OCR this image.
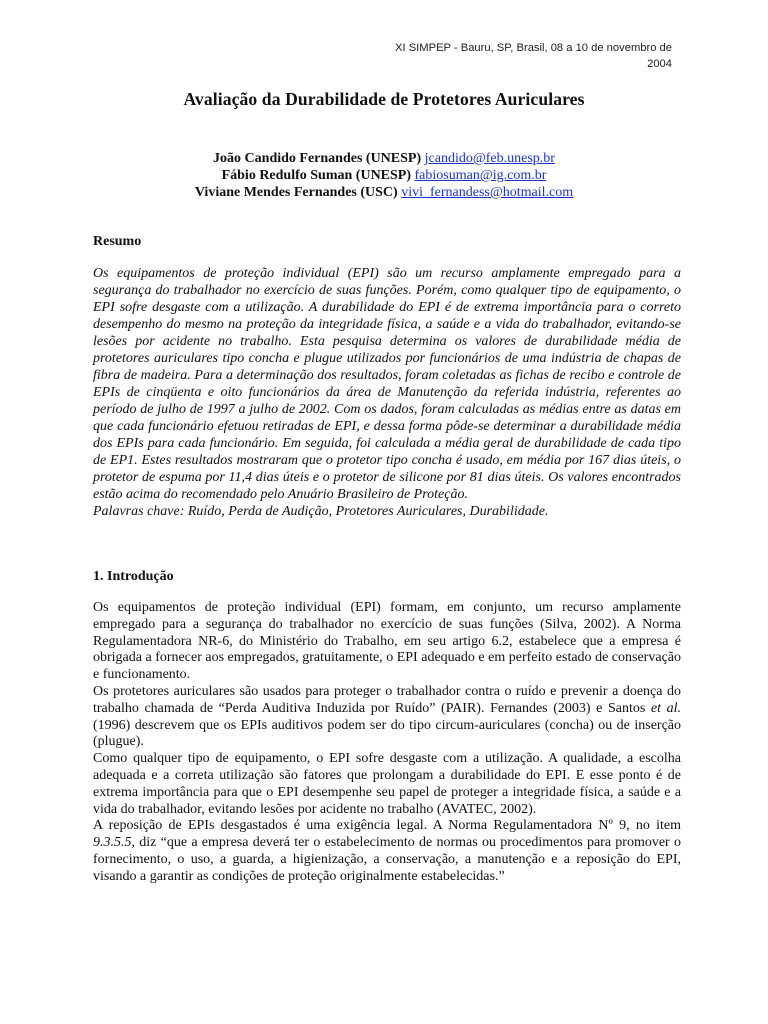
XI SIMPEP - Bauru, SP, Brasil, 08 a 10 de novembro de
2004
Avaliação da Durabilidade de Protetores Auriculares
João Candido Fernandes (UNESP) jcandido@feb.unesp.br
Fábio Redulfo Suman (UNESP) fabiosuman@ig.com.br
Viviane Mendes Fernandes (USC) vivi_fernandess@hotmail.com
Resumo

Os equipamentos de proteção individual (EPI) são um recurso amplamente empregado para a segurança do trabalhador no exercício de suas funções. Porém, como qualquer tipo de equipamento, o EPI sofre desgaste com a utilização. A durabilidade do EPI é de extrema importância para o correto desempenho do mesmo na proteção da integridade física, a saúde e a vida do trabalhador, evitando-se lesões por acidente no trabalho. Esta pesquisa determina os valores de durabilidade média de protetores auriculares tipo concha e plugue utilizados por funcionários de uma indústria de chapas de fibra de madeira. Para a determinação dos resultados, foram coletadas as fichas de recibo e controle de EPIs de cinqüenta e oito funcionários da área de Manutenção da referida indústria, referentes ao período de julho de 1997 a julho de 2002. Com os dados, foram calculadas as médias entre as datas em que cada funcionário efetuou retiradas de EPI, e dessa forma pôde-se determinar a durabilidade média dos EPIs para cada funcionário. Em seguida, foi calculada a média geral de durabilidade de cada tipo de EP1. Estes resultados mostraram que o protetor tipo concha é usado, em média por 167 dias úteis, o protetor de espuma por 11,4 dias úteis e o protetor de silicone por 81 dias úteis. Os valores encontrados estão acima do recomendado pelo Anuário Brasileiro de Proteção.

Palavras chave: Ruído, Perda de Audição, Protetores Auriculares, Durabilidade.

1. Introdução

Os equipamentos de proteção individual (EPI) formam, em conjunto, um recurso amplamente empregado para a segurança do trabalhador no exercício de suas funções (Silva, 2002). A Norma Regulamentadora NR-6, do Ministério do Trabalho, em seu artigo 6.2, estabelece que a empresa é obrigada a fornecer aos empregados, gratuitamente, o EPI adequado e em perfeito estado de conservação e funcionamento.

Os protetores auriculares são usados para proteger o trabalhador contra o ruído e prevenir a doença do trabalho chamada de “Perda Auditiva Induzida por Ruído” (PAIR). Fernandes (2003) e Santos et al. (1996) descrevem que os EPIs auditivos podem ser do tipo circum-auriculares (concha) ou de inserção (plugue).

Como qualquer tipo de equipamento, o EPI sofre desgaste com a utilização. A qualidade, a escolha adequada e a correta utilização são fatores que prolongam a durabilidade do EPI. E esse ponto é de extrema importância para que o EPI desempenhe seu papel de proteger a integridade física, a saúde e a vida do trabalhador, evitando lesões por acidente no trabalho (AVATEC, 2002).

A reposição de EPIs desgastados é uma exigência legal. A Norma Regulamentadora Nº 9, no item 9.3.5.5, diz “que a empresa deverá ter o estabelecimento de normas ou procedimentos para promover o fornecimento, o uso, a guarda, a higienização, a conservação, a manutenção e a reposição do EPI, visando a garantir as condições de proteção originalmente estabelecidas.”
